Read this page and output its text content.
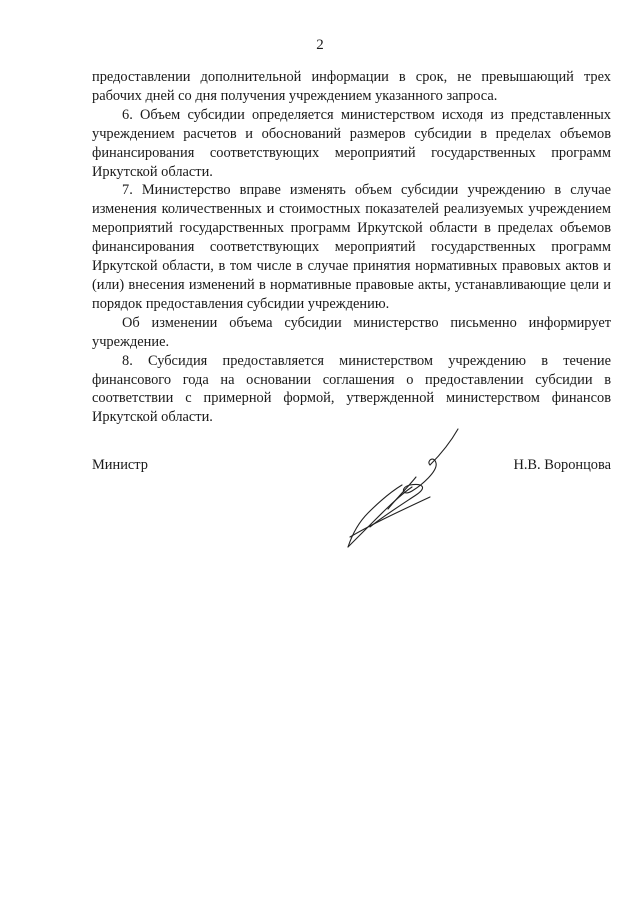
2

предоставлении дополнительной информации в срок, не превышающий трех рабочих дней со дня получения учреждением указанного запроса.

6. Объем субсидии определяется министерством исходя из представленных учреждением расчетов и обоснований размеров субсидии в пределах объемов финансирования соответствующих мероприятий государственных программ Иркутской области.

7. Министерство вправе изменять объем субсидии учреждению в случае изменения количественных и стоимостных показателей реализуемых учреждением мероприятий государственных программ Иркутской области в пределах объемов финансирования соответствующих мероприятий государственных программ Иркутской области, в том числе в случае принятия нормативных правовых актов и (или) внесения изменений в нормативные правовые акты, устанавливающие цели и порядок предоставления субсидии учреждению.

Об изменении объема субсидии министерство письменно информирует учреждение.

8. Субсидия предоставляется министерством учреждению в течение финансового года на основании соглашения о предоставлении субсидии в соответствии с примерной формой, утвержденной министерством финансов Иркутской области.

Министр	Н.В. Воронцова
